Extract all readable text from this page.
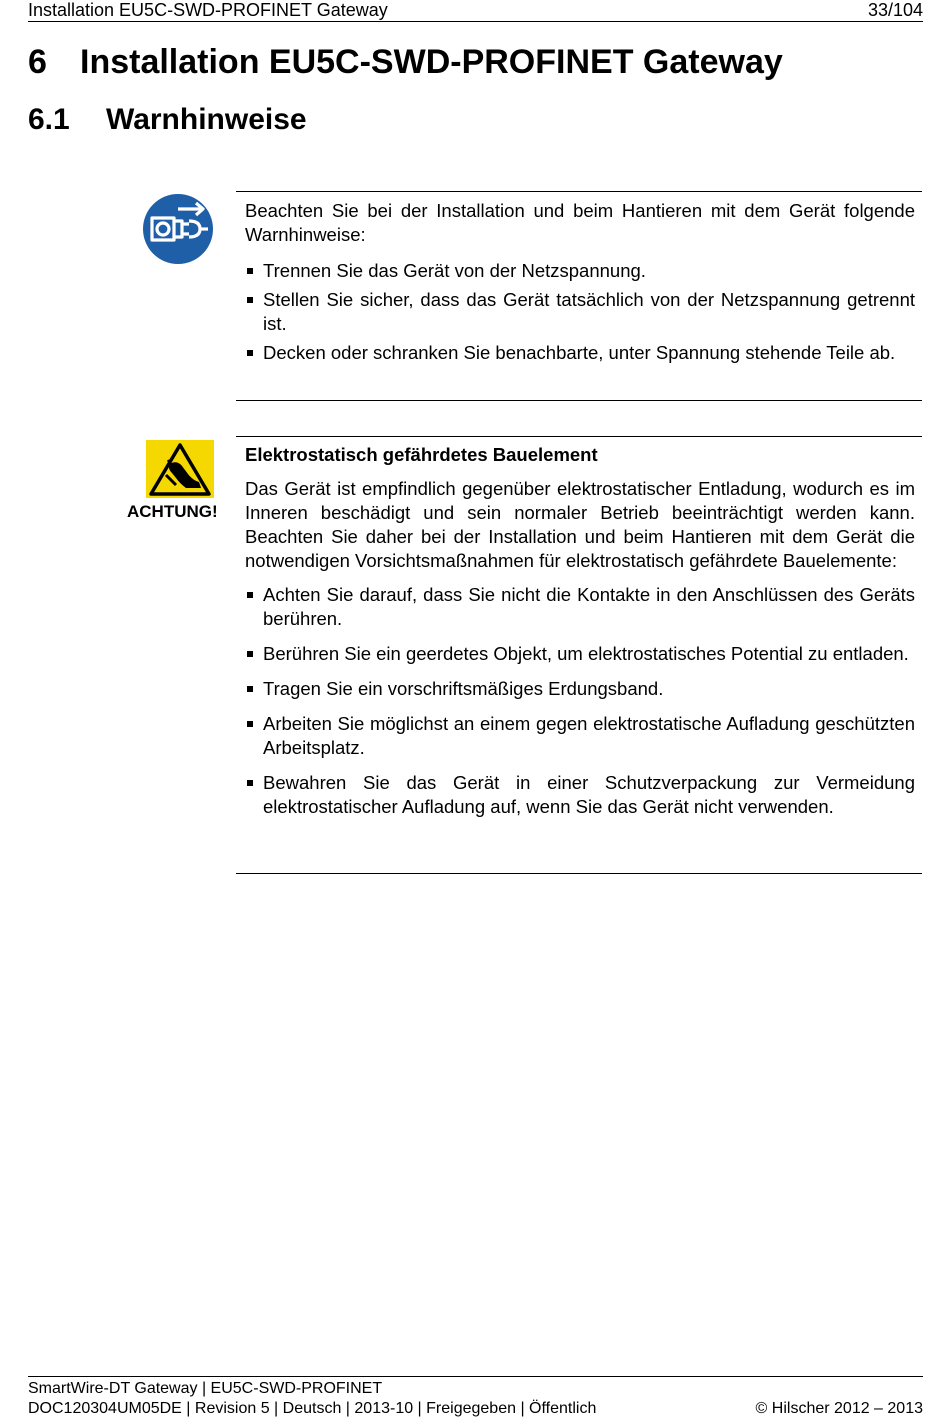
Installation EU5C-SWD-PROFINET Gateway	33/104
6 Installation EU5C-SWD-PROFINET Gateway
6.1 Warnhinweise

Beachten Sie bei der Installation und beim Hantieren mit dem Gerät folgende Warnhinweise:

Trennen Sie das Gerät von der Netzspannung.
Stellen Sie sicher, dass das Gerät tatsächlich von der Netzspannung getrennt ist.
Decken oder schranken Sie benachbarte, unter Spannung stehende Teile ab.
ACHTUNG!

Elektrostatisch gefährdetes Bauelement

Das Gerät ist empfindlich gegenüber elektrostatischer Entladung, wodurch es im Inneren beschädigt und sein normaler Betrieb beeinträchtigt werden kann. Beachten Sie daher bei der Installation und beim Hantieren mit dem Gerät die notwendigen Vorsichtsmaßnahmen für elektrostatisch gefährdete Bauelemente:

Achten Sie darauf, dass Sie nicht die Kontakte in den Anschlüssen des Geräts berühren.
Berühren Sie ein geerdetes Objekt, um elektrostatisches Potential zu entladen.
Tragen Sie ein vorschriftsmäßiges Erdungsband.
Arbeiten Sie möglichst an einem gegen elektrostatische Aufladung geschützten Arbeitsplatz.
Bewahren Sie das Gerät in einer Schutzverpackung zur Vermeidung elektrostatischer Aufladung auf, wenn Sie das Gerät nicht verwenden.
SmartWire-DT Gateway | EU5C-SWD-PROFINET
DOC120304UM05DE | Revision 5 | Deutsch | 2013-10 | Freigegeben | Öffentlich	© Hilscher 2012 – 2013
